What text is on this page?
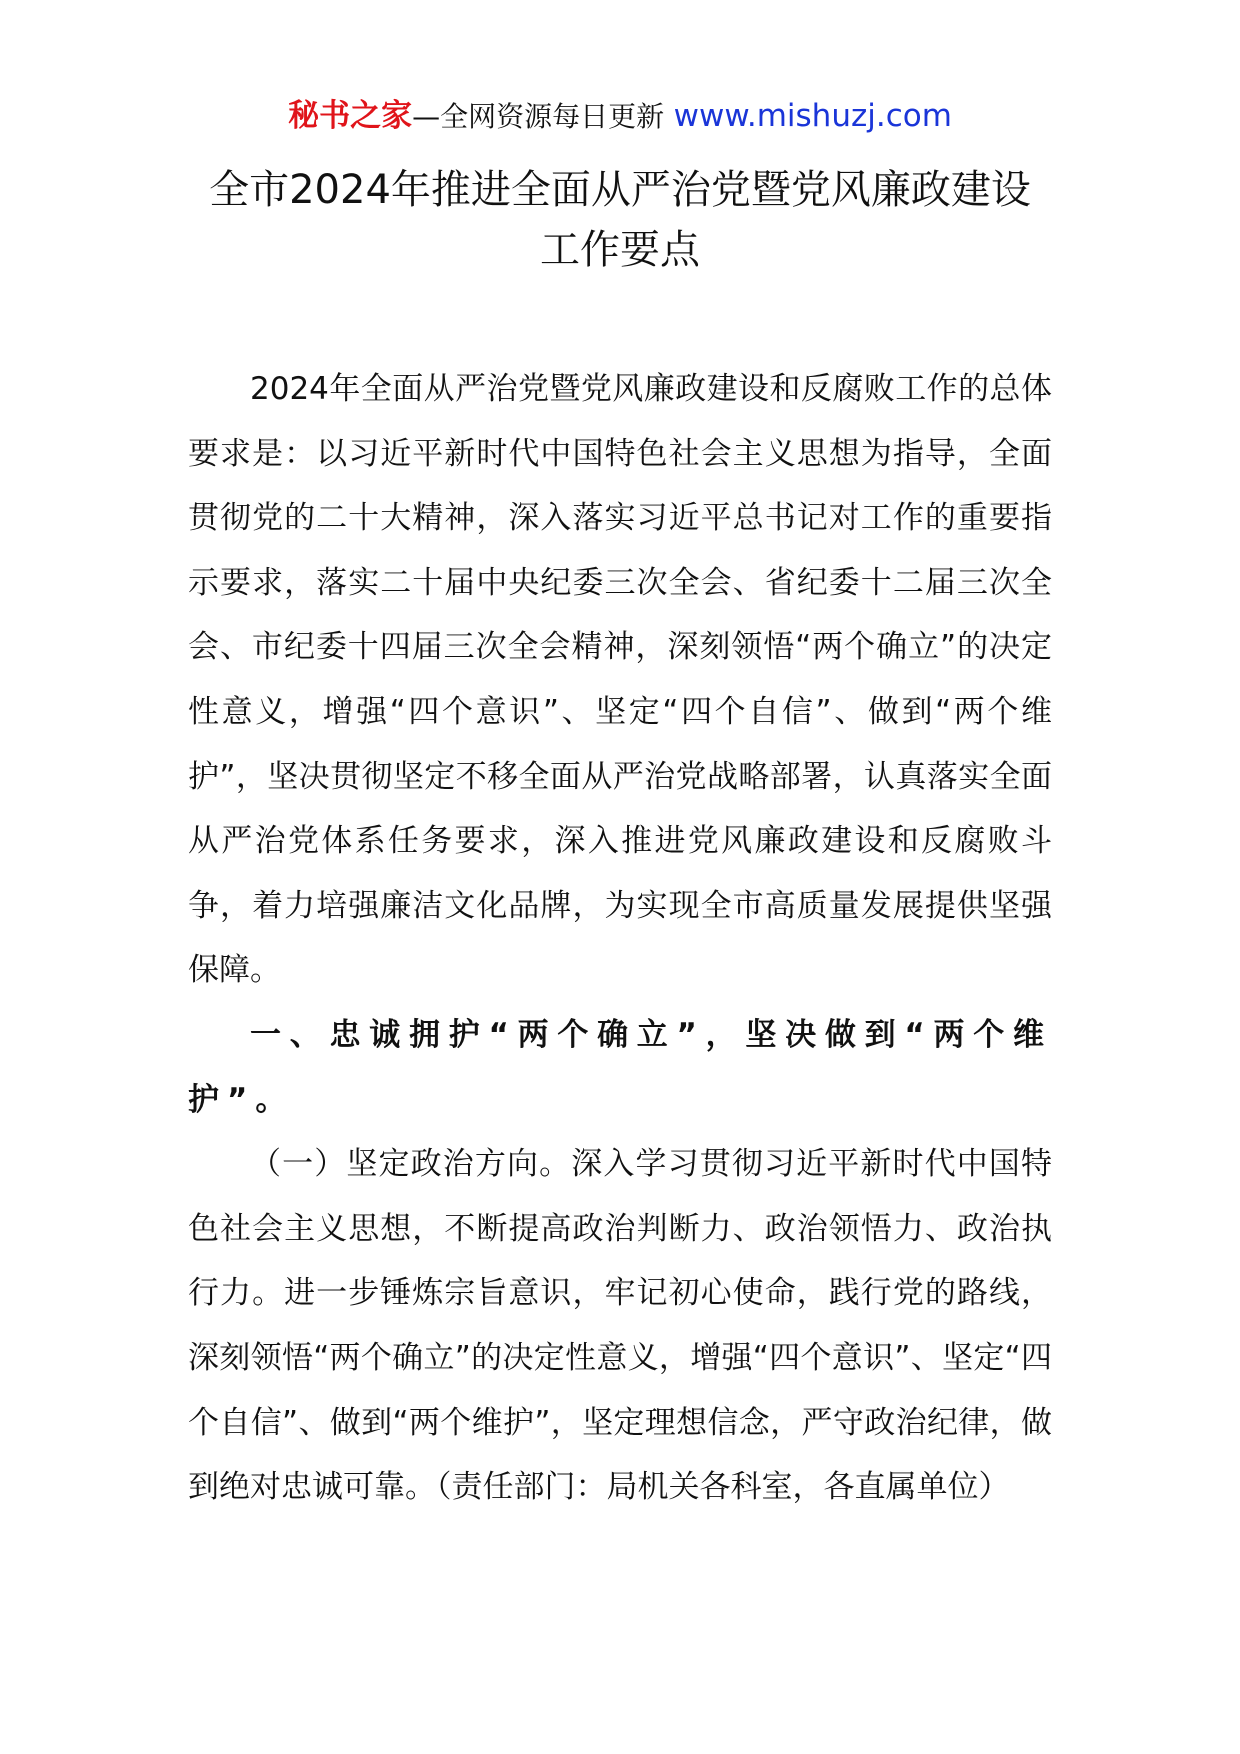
秘书之家—全网资源每日更新 www.mishuzj.com
全市2024年推进全面从严治党暨党风廉政建设
工作要点

2024年全面从严治党暨党风廉政建设和反腐败工作的总体要求是：以习近平新时代中国特色社会主义思想为指导，全面贯彻党的二十大精神，深入落实习近平总书记对工作的重要指示要求，落实二十届中央纪委三次全会、省纪委十二届三次全会、市纪委十四届三次全会精神，深刻领悟“两个确立”的决定性意义，增强“四个意识”、坚定“四个自信”、做到“两个维护”，坚决贯彻坚定不移全面从严治党战略部署，认真落实全面从严治党体系任务要求，深入推进党风廉政建设和反腐败斗争，着力培强廉洁文化品牌，为实现全市高质量发展提供坚强保障。

一、忠诚拥护“两个确立”，坚决做到“两个维护”。

（一）坚定政治方向。深入学习贯彻习近平新时代中国特色社会主义思想，不断提高政治判断力、政治领悟力、政治执行力。进一步锤炼宗旨意识，牢记初心使命，践行党的路线，深刻领悟“两个确立”的决定性意义，增强“四个意识”、坚定“四个自信”、做到“两个维护”，坚定理想信念，严守政治纪律，做到绝对忠诚可靠。（责任部门：局机关各科室，各直属单位）
